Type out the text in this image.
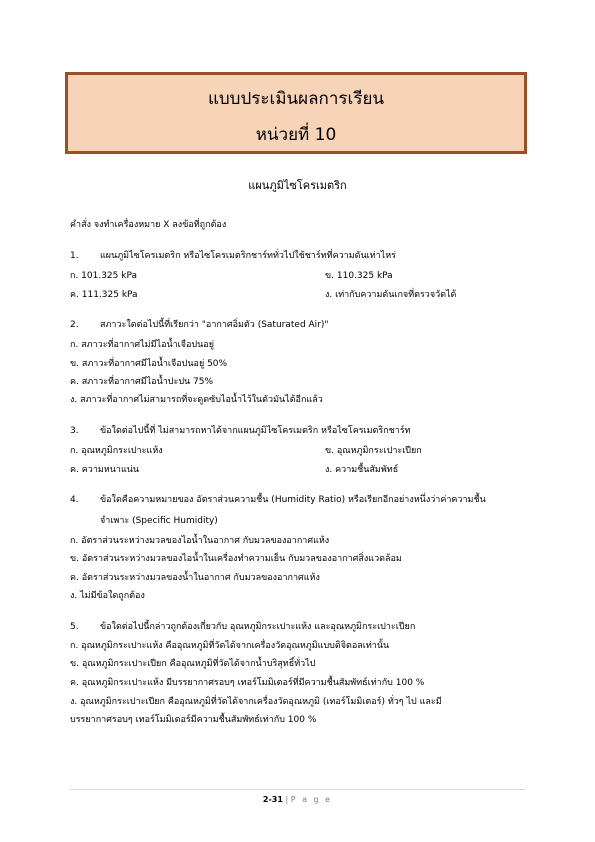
แบบประเมินผลการเรียน
หน่วยที่ 10
แผนภูมิไซโครเมตริก
คำสั่ง จงทำเครื่องหมาย X ลงข้อที่ถูกต้อง
1. แผนภูมิไซโครเมตริก หรือไซโครเมตริกชาร์ททั่วไปใช้ชาร์ทที่ความดันเท่าไหร่
ก. 101.325 kPa	ข. 110.325 kPa
ค. 111.325 kPa	ง. เท่ากับความดันเกจที่ตรวจวัดได้
2. สภาวะใดต่อไปนี้ที่เรียกว่า "อากาศอิ่มตัว (Saturated Air)"
ก. สภาวะที่อากาศไม่มีไอน้ำเจือปนอยู่
ข. สภาวะที่อากาศมีไอน้ำเจือปนอยู่ 50%
ค. สภาวะที่อากาศมีไอน้ำปะปน 75%
ง. สภาวะที่อากาศไม่สามารถที่จะดูดซับไอน้ำไว้ในตัวมันได้อีกแล้ว
3. ข้อใดต่อไปนี้ที่ ไม่สามารถหาได้จากแผนภูมิไซโครเมตริก หรือไซโครเมตริกชาร์ท
ก. อุณหภูมิกระเปาะแห้ง	ข. อุณหภูมิกระเปาะเปียก
ค. ความหนาแน่น	ง. ความชื้นสัมพัทธ์
4. ข้อใดคือความหมายของ อัตราส่วนความชื้น (Humidity Ratio) หรือเรียกอีกอย่างหนึ่งว่าค่าความชื้น
จำเพาะ (Specific Humidity)
ก. อัตราส่วนระหว่างมวลของไอน้ำในอากาศ กับมวลของอากาศแห้ง
ข. อัตราส่วนระหว่างมวลของไอน้ำในเครื่องทำความเย็น กับมวลของอากาศสิ่งแวดล้อม
ค. อัตราส่วนระหว่างมวลของน้ำในอากาศ กับมวลของอากาศแห้ง
ง. ไม่มีข้อใดถูกต้อง
5. ข้อใดต่อไปนี้กล่าวถูกต้องเกี่ยวกับ อุณหภูมิกระเปาะแห้ง และอุณหภูมิกระเปาะเปียก
ก. อุณหภูมิกระเปาะแห้ง คืออุณหภูมิที่วัดได้จากเครื่องวัดอุณหภูมิแบบดิจิตอลเท่านั้น
ข. อุณหภูมิกระเปาะเปียก คืออุณหภูมิที่วัดได้จากน้ำบริสุทธิ์ทั่วไป
ค. อุณหภูมิกระเปาะแห้ง มีบรรยากาศรอบๆ เทอร์โมมิเตอร์ที่มีความชื้นสัมพัทธ์เท่ากับ 100 %
ง. อุณหภูมิกระเปาะเปียก คืออุณหภูมิที่วัดได้จากเครื่องวัดอุณหภูมิ (เทอร์โมมิเตอร์) ทั่วๆ ไป และมี
บรรยากาศรอบๆ เทอร์โมมิเตอร์มีความชื้นสัมพัทธ์เท่ากับ 100 %
2-31 | P a g e
